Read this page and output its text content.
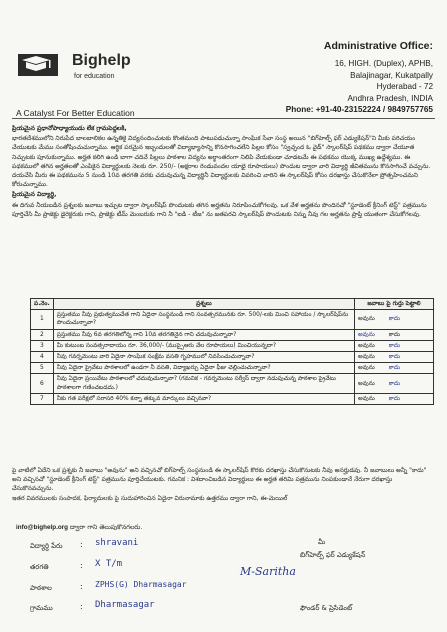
Bighelp
for education
A Catalyst For Better Education
Administrative Office:
16, HIGH. (Duplex), APHB,
Balajinagar, Kukatpally
Hyderabad - 72
Andhra Pradesh, INDIA
Phone: +91-40-23152224 / 9849757765

ప్రియమైన ప్రధానోపాధ్యాయుడు లేక గ్రామపెద్దలకి,

భారతదేశములోని నిరుపేద బాలబాలికల ఉన్నతికై విద్యనందించుటకు కొంతమంది పాటుపడుచున్నా సాంఘిక సేవా సంస్థ అయిన "బిగ్‌హెల్ప్ ఫర్ ఎడ్యుకేషన్"ని మీకు పరిచయం చేయుటకు మేము సంతోషించుచున్నాము. ఆర్థిక పరమైన ఇబ్బందులతో విద్యాభ్యాసాన్ని కొనసాగించలేని పిల్లల కోసం "స్వచ్ఛంద ఓ వైడ్" స్కాలర్‌షిప్ పథకము ద్వారా చేయూత నిచ్చుటకు పూనుకున్నాము. అర్హత కలిగి ఉండి బాగా చదివే పిల్లలు పాఠశాల విద్యను అర్థాంతరంగా నిలిపి వేయకుండా చూడటమే ఈ పథకము యొక్క ముఖ్య ఉద్దేశ్యము. ఈ పథకములో తగిన అర్హతలతో ఎంపికైన విద్యార్థులకు నెలకు రూ. 250/- (అక్షరాల రెండువందల యాభై రూపాయలు) పొందుట ద్వారా వారి విద్యార్థి జీవితమును కొనసాగించే వచ్చును. దయచేసి మీరు ఈ పథకమును 5 నుండి 10వ తరగతి వరకు చదువుచున్న విద్యార్థినీ విద్యార్థులకు వివరించి వారిని ఈ స్కాలర్‌షిప్ కోసం దరఖాస్తు చేసుకొనేలా ప్రోత్సహించమని కోరుచున్నాము.

ప్రియమైన విద్యార్థి,

ఈ దిగువ నీయబడిన ప్రశ్నలకు జవాబు ఇచ్చుట ద్వారా స్కాలర్‌షిప్ పొందుటకు తగిన అర్హతను నిరూపించుకోగలవు. ఒక వేళ అర్హతను పొందినచో "స్టూడెంట్ క్రీనింగ్ టెస్ట్" పత్రమును పూర్తిచేసి మీ ప్రాజెక్టు డైరెక్టరుకు గాని, ప్రాజెక్టు టీమ్ మెంబరుకు గాని నీ "ఐడి - టీజ" ను జతపరచి స్కాలర్‌షిప్ పొందుటకు నిన్ను నీవు గల అర్హతను ప్రాప్తి యుతంగా చేసుకోగలవు.

ప.నెం.	ప్రశ్నలు	జవాబు పై గుర్తు పెట్టాలి
1	ప్రస్తుతము నీవు ప్రభుత్వముచేత గాని ఏదైనా సంస్థనుండి గాని సంవత్సరమునకు రూ. 500/-లకు మించి సహాయం / స్కాలర్‌షిప్‌ను పొందుచున్నావా?	అవును కాదు
2	ప్రస్తుతము నీవు 6వ తరగతిలోన్న గాని 10వ తరగతినైన గాని చదువుచున్నావా?	అవును కాదు
3	మీ కుటుంబ సంవత్సరాదాయం రూ. 36,000/- (ముప్పైఆరు వేల రూపాయలు) మించియున్నదా?	అవును కాదు
4	నీవు గవర్నమెంటు వారి ఏదైనా సాంఘిక సంక్షేమ వసతి గృహములో నివసించుచున్నావా?	అవును కాదు
5	నీవు ఏదైనా ప్రైవేటు పాఠశాలలో ఉండగా నీ వసతి, విద్యాఖర్చు ఏదైనా ఫీజు చెల్లించుచున్నావా?	అవును కాదు
6	నీవు ఏదైనా ప్రయివేటు పాఠశాలలో చదువుచున్నావా? (గమనిక - గవర్నమెంటు సర్వీస్ ద్వారా నడుపుచున్న పాఠశాల ప్రైవేటు పాఠశాలగా గణించబడదు.)	అవును కాదు
7	నీకు గత పరీక్షలో సరాసరి 40% కన్నా తక్కువ మార్కులు వచ్చినవా?	అవును కాదు

పై వాటిలో ఏదేని ఒక ప్రశ్నకు నీ జవాబు "అవును" అని వచ్చినచో బిగ్‌హెల్ప్ సంస్థనుండి ఈ స్కాలర్‌షిప్ కొరకు దరఖాస్తు చేసుకొనుటకు నీవు అనర్హుడవు. నీ జవాబులు అన్నీ "కాదు" అని వచ్చినచో "స్టూడెంట్ క్రీనింగ్ టెస్ట్" పత్రమును పూర్తిచేయుటకు. గమనిక : విశదాంచిబడిన విద్యార్థులు ఈ అర్హత తరిమి పత్రమును నింపకుండానే నేరుగా దరఖాస్తు చేసుకొనవచ్చును.

ఇతర వివరములకు సంపాదక, ఫిర్యాదులకు పై సుదుహారించిన ఏదైనా విరునామాకు ఉత్తరము ద్వారా గాని, ఈ-మెయిల్

info@bighelp.org ద్వారా గాని తెలుపుకొనగలరు.
విద్యార్థి పేరు : shravani
తరగతి	: X T/m
పాఠశాల	: ZPHS(G) Dharmasagar
గ్రామము	: Dharmasagar
మీ
బిగ్‌హెల్ప్ ఫర్ ఎడ్యుకేషన్
M-Saritha
ఫౌండర్ & ప్రెసిడెంట్
